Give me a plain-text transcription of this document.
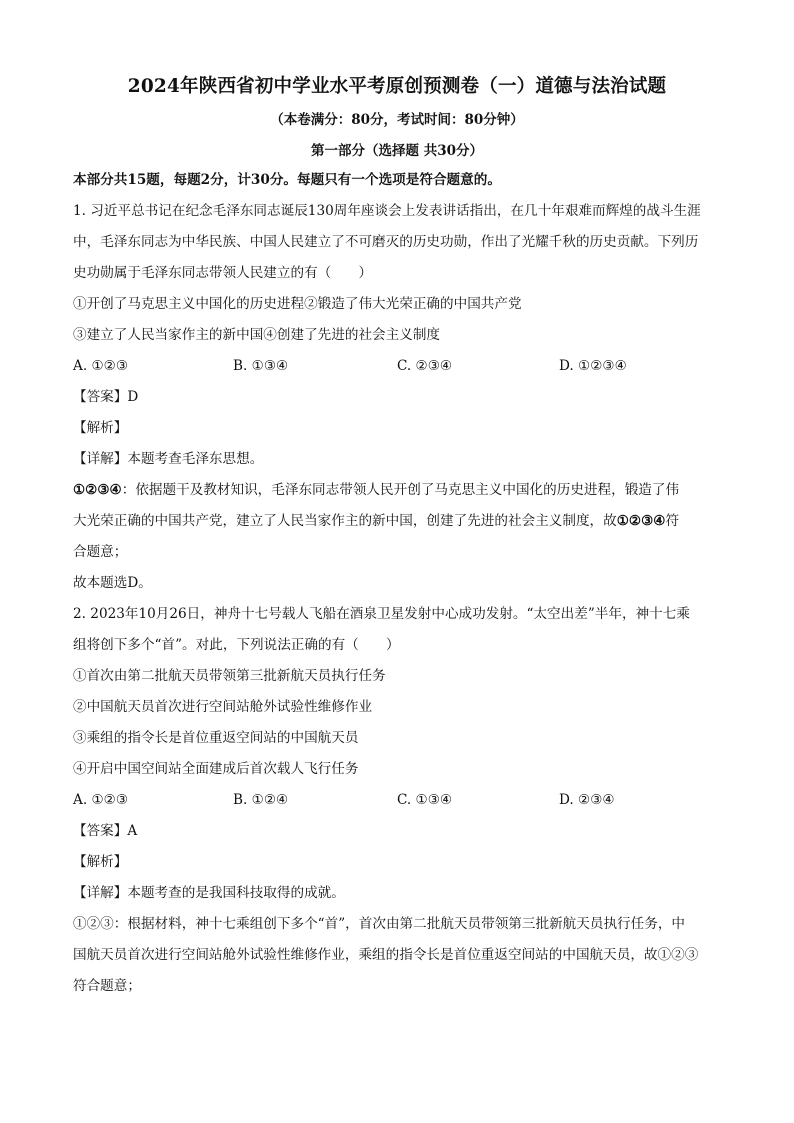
2024年陕西省初中学业水平考原创预测卷（一）道德与法治试题
（本卷满分：80分，考试时间：80分钟）
第一部分（选择题 共30分）
本部分共15题，每题2分，计30分。每题只有一个选项是符合题意的。
1. 习近平总书记在纪念毛泽东同志诞辰130周年座谈会上发表讲话指出，在几十年艰难而辉煌的战斗生涯
中，毛泽东同志为中华民族、中国人民建立了不可磨灭的历史功勋，作出了光耀千秋的历史贡献。下列历
史功勋属于毛泽东同志带领人民建立的有（　　）
①开创了马克思主义中国化的历史进程②锻造了伟大光荣正确的中国共产党
③建立了人民当家作主的新中国④创建了先进的社会主义制度
A. ①②③	B. ①③④	C. ②③④	D. ①②③④
【答案】D
【解析】
【详解】本题考查毛泽东思想。
①②③④：依据题干及教材知识，毛泽东同志带领人民开创了马克思主义中国化的历史进程，锻造了伟
大光荣正确的中国共产党，建立了人民当家作主的新中国，创建了先进的社会主义制度，故①②③④符
合题意；
故本题选D。
2. 2023年10月26日，神舟十七号载人飞船在酒泉卫星发射中心成功发射。“太空出差”半年，神十七乘
组将创下多个“首”。对此，下列说法正确的有（　　）
①首次由第二批航天员带领第三批新航天员执行任务
②中国航天员首次进行空间站舱外试验性维修作业
③乘组的指令长是首位重返空间站的中国航天员
④开启中国空间站全面建成后首次载人飞行任务
A. ①②③	B. ①②④	C. ①③④	D. ②③④
【答案】A
【解析】
【详解】本题考查的是我国科技取得的成就。
①②③：根据材料，神十七乘组创下多个“首”，首次由第二批航天员带领第三批新航天员执行任务，中
国航天员首次进行空间站舱外试验性维修作业，乘组的指令长是首位重返空间站的中国航天员，故①②③
符合题意；
